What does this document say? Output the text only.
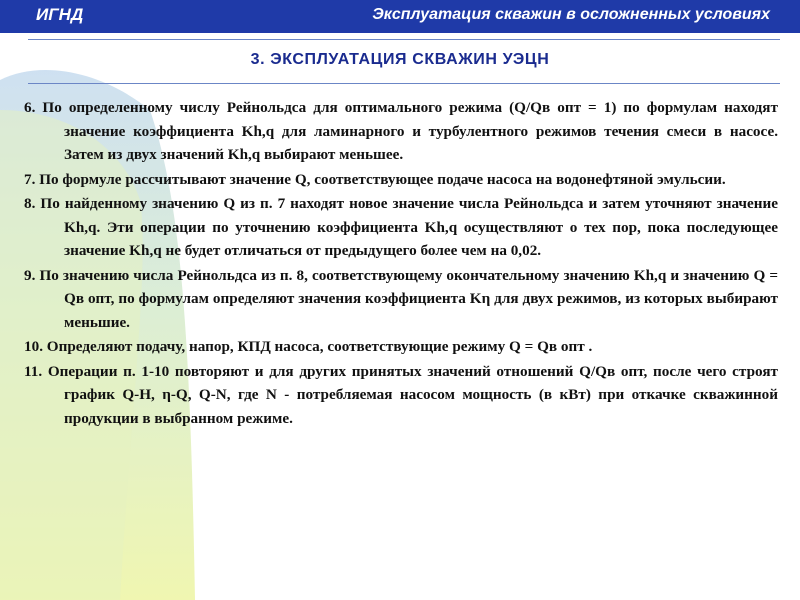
ИГНД	Эксплуатация скважин в осложненных условиях
3. ЭКСПЛУАТАЦИЯ СКВАЖИН УЭЦН

6. По определенному числу Рейнольдса для оптимального режима (Q/Qв опт = 1) по формулам находят значение коэффициента Kh,q для ламинарного и турбулентного режимов течения смеси в насосе. Затем из двух значений Kh,q выбирают меньшее.

7. По формуле рассчитывают значение Q, соответствующее подаче насоса на водонефтяной эмульсии.

8. По найденному значению Q из п. 7 находят новое значение числа Рейнольдса и затем уточняют значение Kh,q. Эти операции по уточнению коэффициента Kh,q осуществляют о тех пор, пока последующее значение Kh,q не будет отличаться от предыдущего более чем на 0,02.

9. По значению числа Рейнольдса из п. 8, соответствующему окончательному значению Kh,q и значению Q = Qв опт, по формулам определяют значения коэффициента Kη для двух режимов, из которых выбирают меньшие.

10. Определяют подачу, напор, КПД насоса, соответствующие режиму Q = Qв опт .

11. Операции п. 1-10 повторяют и для других принятых значений отношений Q/Qв опт, после чего строят график Q-H, η-Q, Q-N, где N - потребляемая насосом мощность (в кВт) при откачке скважинной продукции в выбранном режиме.
